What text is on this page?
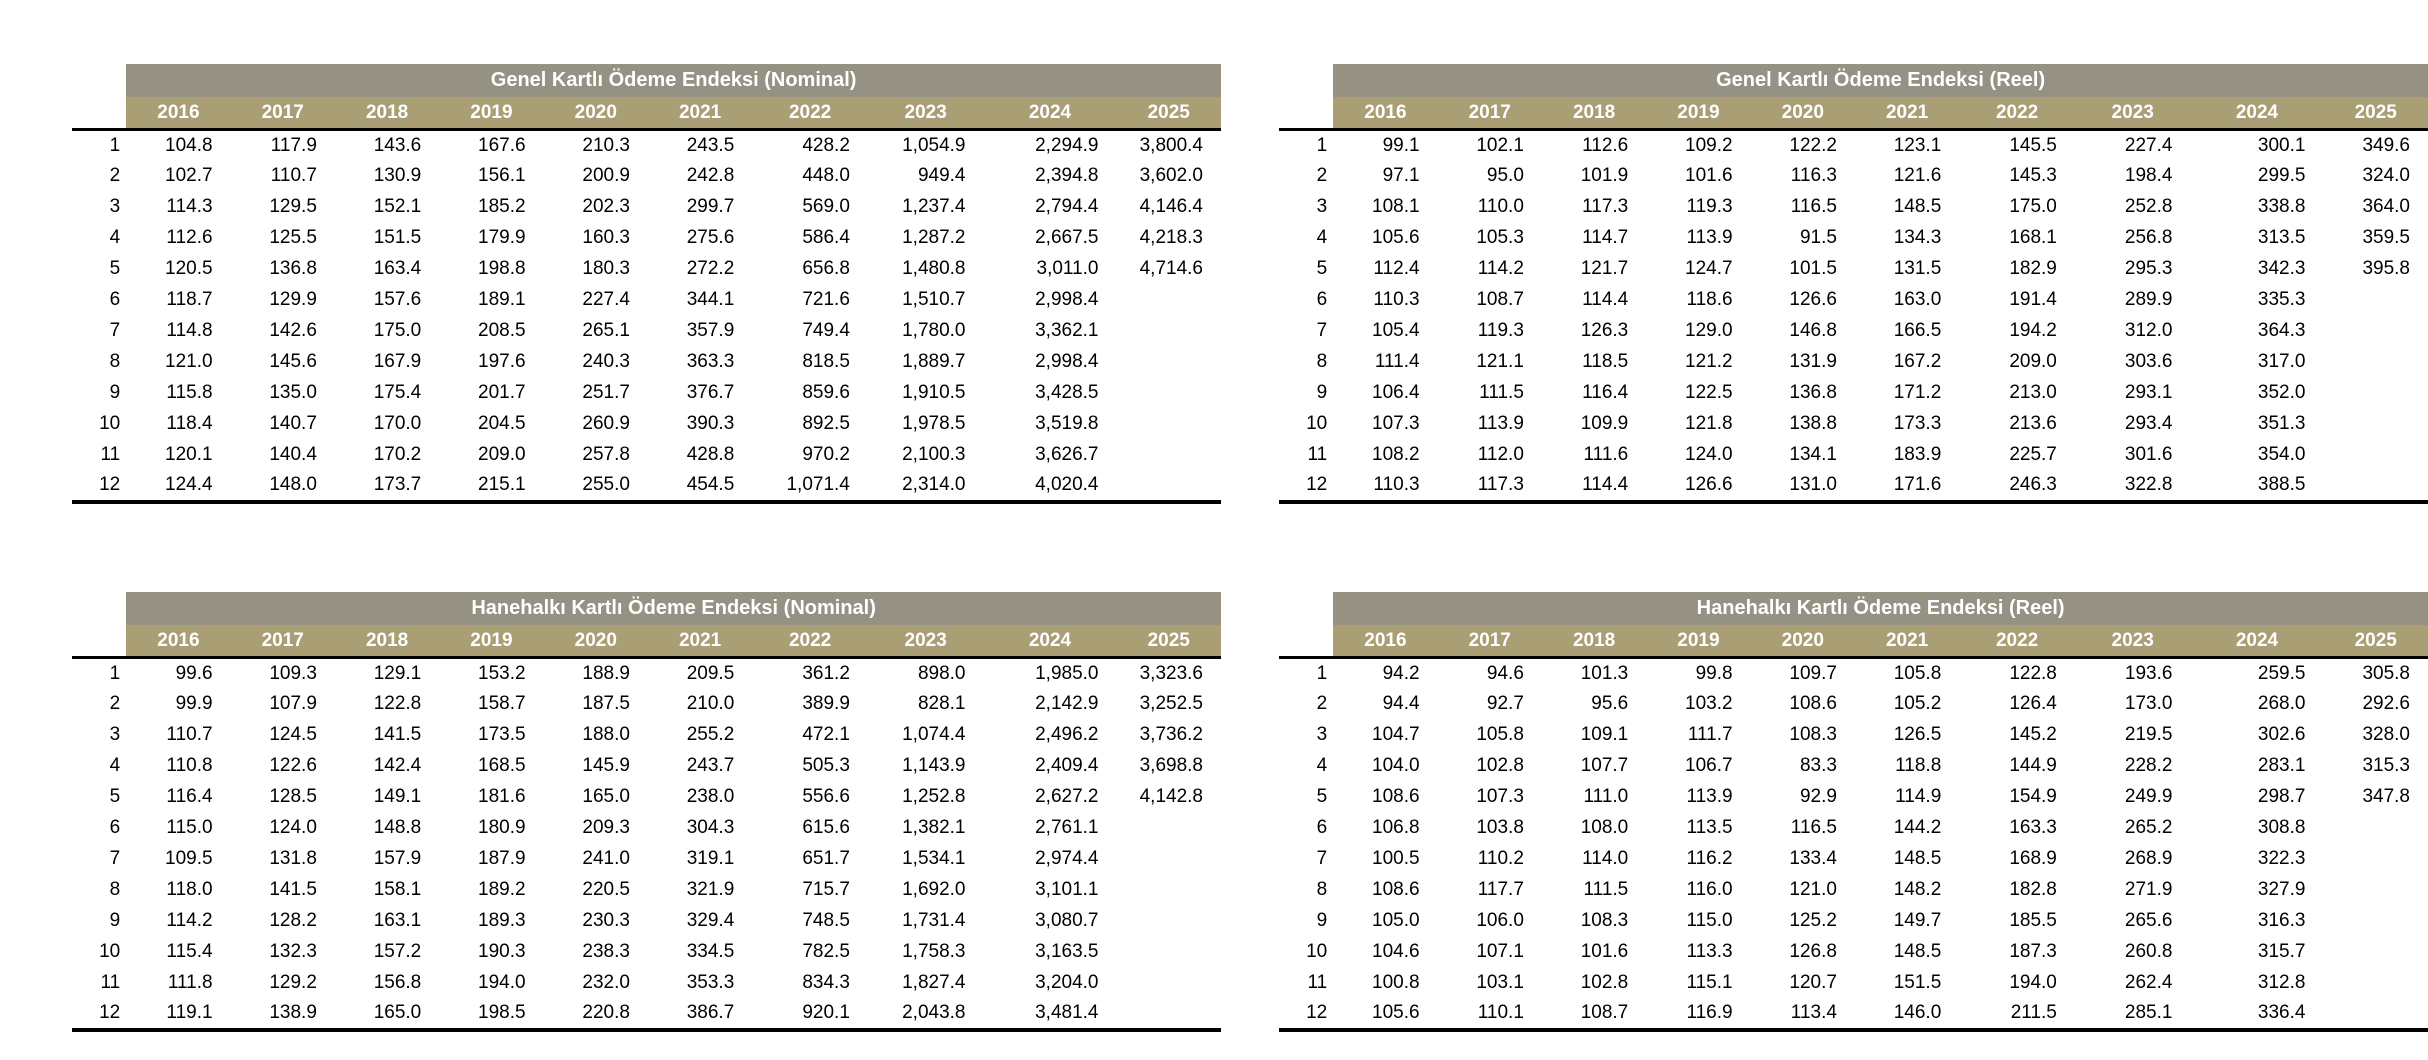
	Genel Kartlı Ödeme Endeksi (Nominal)									
	2016	2017	2018	2019	2020	2021	2022	2023	2024	2025
1	104.8	117.9	143.6	167.6	210.3	243.5	428.2	1,054.9	2,294.9	3,800.4
2	102.7	110.7	130.9	156.1	200.9	242.8	448.0	949.4	2,394.8	3,602.0
3	114.3	129.5	152.1	185.2	202.3	299.7	569.0	1,237.4	2,794.4	4,146.4
4	112.6	125.5	151.5	179.9	160.3	275.6	586.4	1,287.2	2,667.5	4,218.3
5	120.5	136.8	163.4	198.8	180.3	272.2	656.8	1,480.8	3,011.0	4,714.6
6	118.7	129.9	157.6	189.1	227.4	344.1	721.6	1,510.7	2,998.4	
7	114.8	142.6	175.0	208.5	265.1	357.9	749.4	1,780.0	3,362.1	
8	121.0	145.6	167.9	197.6	240.3	363.3	818.5	1,889.7	2,998.4	
9	115.8	135.0	175.4	201.7	251.7	376.7	859.6	1,910.5	3,428.5	
10	118.4	140.7	170.0	204.5	260.9	390.3	892.5	1,978.5	3,519.8	
11	120.1	140.4	170.2	209.0	257.8	428.8	970.2	2,100.3	3,626.7	
12	124.4	148.0	173.7	215.1	255.0	454.5	1,071.4	2,314.0	4,020.4	
	Genel Kartlı Ödeme Endeksi (Reel)									
	2016	2017	2018	2019	2020	2021	2022	2023	2024	2025
1	99.1	102.1	112.6	109.2	122.2	123.1	145.5	227.4	300.1	349.6
2	97.1	95.0	101.9	101.6	116.3	121.6	145.3	198.4	299.5	324.0
3	108.1	110.0	117.3	119.3	116.5	148.5	175.0	252.8	338.8	364.0
4	105.6	105.3	114.7	113.9	91.5	134.3	168.1	256.8	313.5	359.5
5	112.4	114.2	121.7	124.7	101.5	131.5	182.9	295.3	342.3	395.8
6	110.3	108.7	114.4	118.6	126.6	163.0	191.4	289.9	335.3	
7	105.4	119.3	126.3	129.0	146.8	166.5	194.2	312.0	364.3	
8	111.4	121.1	118.5	121.2	131.9	167.2	209.0	303.6	317.0	
9	106.4	111.5	116.4	122.5	136.8	171.2	213.0	293.1	352.0	
10	107.3	113.9	109.9	121.8	138.8	173.3	213.6	293.4	351.3	
11	108.2	112.0	111.6	124.0	134.1	183.9	225.7	301.6	354.0	
12	110.3	117.3	114.4	126.6	131.0	171.6	246.3	322.8	388.5	
	Hanehalkı Kartlı Ödeme Endeksi (Nominal)									
	2016	2017	2018	2019	2020	2021	2022	2023	2024	2025
1	99.6	109.3	129.1	153.2	188.9	209.5	361.2	898.0	1,985.0	3,323.6
2	99.9	107.9	122.8	158.7	187.5	210.0	389.9	828.1	2,142.9	3,252.5
3	110.7	124.5	141.5	173.5	188.0	255.2	472.1	1,074.4	2,496.2	3,736.2
4	110.8	122.6	142.4	168.5	145.9	243.7	505.3	1,143.9	2,409.4	3,698.8
5	116.4	128.5	149.1	181.6	165.0	238.0	556.6	1,252.8	2,627.2	4,142.8
6	115.0	124.0	148.8	180.9	209.3	304.3	615.6	1,382.1	2,761.1	
7	109.5	131.8	157.9	187.9	241.0	319.1	651.7	1,534.1	2,974.4	
8	118.0	141.5	158.1	189.2	220.5	321.9	715.7	1,692.0	3,101.1	
9	114.2	128.2	163.1	189.3	230.3	329.4	748.5	1,731.4	3,080.7	
10	115.4	132.3	157.2	190.3	238.3	334.5	782.5	1,758.3	3,163.5	
11	111.8	129.2	156.8	194.0	232.0	353.3	834.3	1,827.4	3,204.0	
12	119.1	138.9	165.0	198.5	220.8	386.7	920.1	2,043.8	3,481.4	
	Hanehalkı Kartlı Ödeme Endeksi (Reel)									
	2016	2017	2018	2019	2020	2021	2022	2023	2024	2025
1	94.2	94.6	101.3	99.8	109.7	105.8	122.8	193.6	259.5	305.8
2	94.4	92.7	95.6	103.2	108.6	105.2	126.4	173.0	268.0	292.6
3	104.7	105.8	109.1	111.7	108.3	126.5	145.2	219.5	302.6	328.0
4	104.0	102.8	107.7	106.7	83.3	118.8	144.9	228.2	283.1	315.3
5	108.6	107.3	111.0	113.9	92.9	114.9	154.9	249.9	298.7	347.8
6	106.8	103.8	108.0	113.5	116.5	144.2	163.3	265.2	308.8	
7	100.5	110.2	114.0	116.2	133.4	148.5	168.9	268.9	322.3	
8	108.6	117.7	111.5	116.0	121.0	148.2	182.8	271.9	327.9	
9	105.0	106.0	108.3	115.0	125.2	149.7	185.5	265.6	316.3	
10	104.6	107.1	101.6	113.3	126.8	148.5	187.3	260.8	315.7	
11	100.8	103.1	102.8	115.1	120.7	151.5	194.0	262.4	312.8	
12	105.6	110.1	108.7	116.9	113.4	146.0	211.5	285.1	336.4	
